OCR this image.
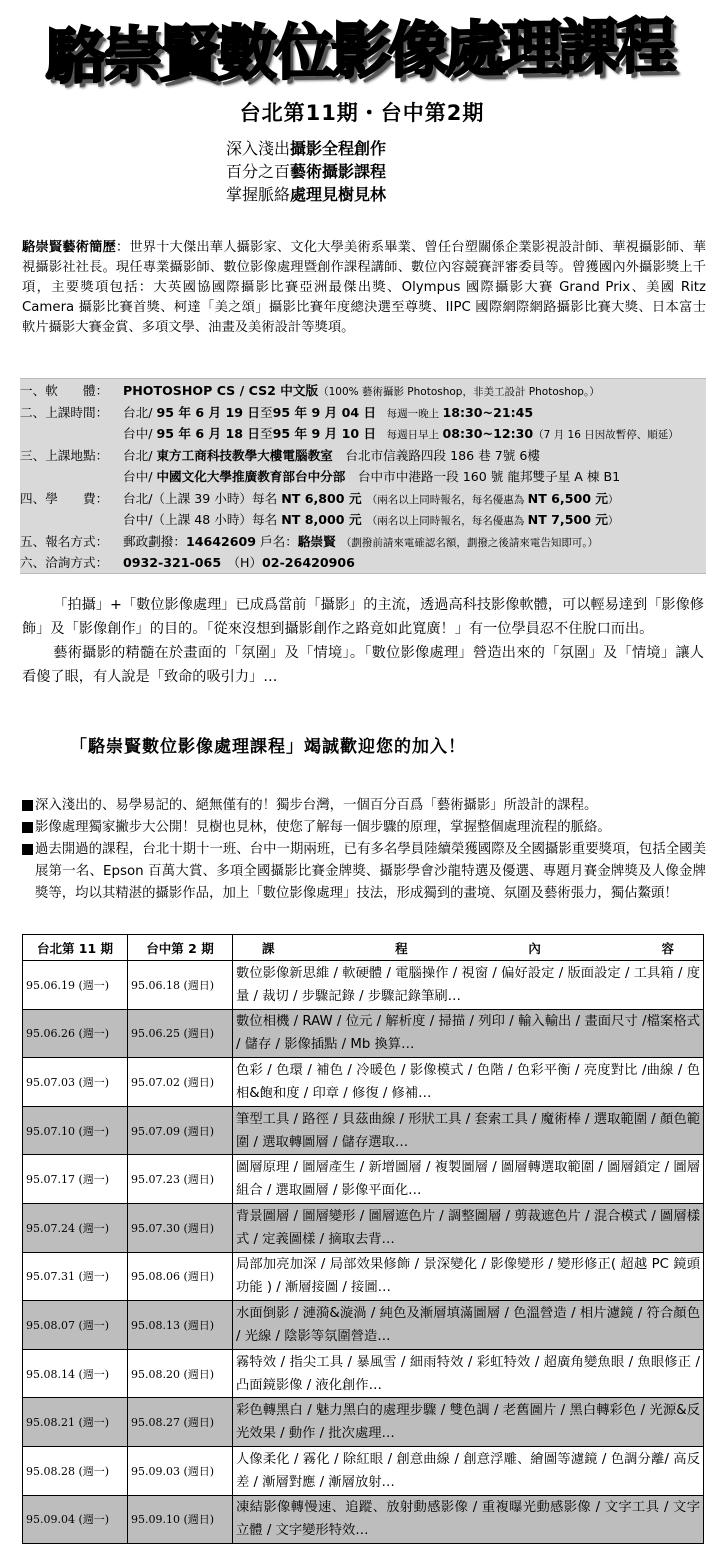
駱崇賢數位影像處理課程
台北第11期・台中第2期
深入淺出攝影全程創作
百分之百藝術攝影課程
掌握脈絡處理見樹見林
駱崇賢藝術簡歷：世界十大傑出華人攝影家、文化大學美術系畢業、曾任台塑關係企業影視設計師、華視攝影師、華視攝影社社長。現任專業攝影師、數位影像處理暨創作課程講師、數位內容競賽評審委員等。曾獲國內外攝影獎上千項，主要獎項包括：大英國協國際攝影比賽亞洲最傑出獎、Olympus 國際攝影大賽 Grand Prix、美國 Ritz Camera 攝影比賽首獎、柯達「美之頌」攝影比賽年度總決選至尊獎、IIPC 國際網際網路攝影比賽大獎、日本富士軟片攝影大賽金賞、多項文學、油畫及美術設計等獎項。
一、軟　　體：	PHOTOSHOP CS / CS2 中文版（100% 藝術攝影 Photoshop，非美工設計 Photoshop。）
二、上課時間：	台北/ 95 年 6 月 19 日至95 年 9 月 04 日　每週一晚上 18:30~21:45
台中/ 95 年 6 月 18 日至95 年 9 月 10 日　每週日早上 08:30~12:30（7 月 16 日因故暫停、順延）
三、上課地點：	台北/ 東方工商科技教學大樓電腦教室　台北市信義路四段 186 巷 7號 6樓
台中/ 中國文化大學推廣教育部台中分部　台中市中港路一段 160 號 龍邦雙子星 A 棟 B1
四、學　　費：	台北/（上課 39 小時）每名 NT 6,800 元　（兩名以上同時報名，每名優惠為 NT 6,500 元）
台中/（上課 48 小時）每名 NT 8,000 元　（兩名以上同時報名，每名優惠為 NT 7,500 元）
五、報名方式：	郵政劃撥：14642609 戶名：駱崇賢　（劃撥前請來電確認名額，劃撥之後請來電告知即可。）
六、洽詢方式：	0932-321-065　（H）02-26420906

「拍攝」+「數位影像處理」已成爲當前「攝影」的主流，透過高科技影像軟體，可以輕易達到「影像修飾」及「影像創作」的目的。「從來沒想到攝影創作之路竟如此寬廣！」有一位學員忍不住脫口而出。

藝術攝影的精髓在於畫面的「氛圍」及「情境」。「數位影像處理」營造出來的「氛圍」及「情境」讓人看傻了眼，有人說是「致命的吸引力」…

「駱崇賢數位影像處理課程」竭誠歡迎您的加入！
深入淺出的、易學易記的、絕無僅有的！獨步台灣，一個百分百爲「藝術攝影」所設計的課程。
影像處理獨家撇步大公開！見樹也見林，使您了解每一個步驟的原理，掌握整個處理流程的脈絡。
過去開過的課程，台北十期十一班、台中一期兩班，已有多名學員陸續榮獲國際及全國攝影重要獎項，包括全國美展第一名、Epson 百萬大賞、多項全國攝影比賽金牌獎、攝影學會沙龍特選及優選、專題月賽金牌獎及人像金牌獎等，均以其精湛的攝影作品，加上「數位影像處理」技法，形成獨到的畫境、氛圍及藝術張力，獨佔鰲頭！
台北第 11 期	台中第 2 期	課 程 內 容

95.06.19 (週一)	95.06.18 (週日)	數位影像新思維 / 軟硬體 / 電腦操作 / 視窗 / 偏好設定 / 版面設定 / 工具箱 / 度量 / 裁切 / 步驟記錄 / 步驟記錄筆刷…
95.06.26 (週一)	95.06.25 (週日)	數位相機 / RAW / 位元 / 解析度 / 掃描 / 列印 / 輸入輸出 / 畫面尺寸 /檔案格式 / 儲存 / 影像插點 / Mb 換算…
95.07.03 (週一)	95.07.02 (週日)	色彩 / 色環 / 補色 / 冷暖色 / 影像模式 / 色階 / 色彩平衡 / 亮度對比 /曲線 / 色相&飽和度 / 印章 / 修復 / 修補…
95.07.10 (週一)	95.07.09 (週日)	筆型工具 / 路徑 / 貝茲曲線 / 形狀工具 / 套索工具 / 魔術棒 / 選取範圍 / 顏色範圍 / 選取轉圖層 / 儲存選取…
95.07.17 (週一)	95.07.23 (週日)	圖層原理 / 圖層產生 / 新增圖層 / 複製圖層 / 圖層轉選取範圍 / 圖層鎖定 / 圖層組合 / 選取圖層 / 影像平面化…
95.07.24 (週一)	95.07.30 (週日)	背景圖層 / 圖層變形 / 圖層遮色片 / 調整圖層 / 剪裁遮色片 / 混合模式 / 圖層樣式 / 定義圖樣 / 摘取去背…
95.07.31 (週一)	95.08.06 (週日)	局部加亮加深 / 局部效果修飾 / 景深變化 / 影像變形 / 變形修正( 超越 PC 鏡頭功能 ) / 漸層接圖 / 接圖…
95.08.07 (週一)	95.08.13 (週日)	水面倒影 / 漣漪&漩渦 / 純色及漸層填滿圖層 / 色溫營造 / 相片濾鏡 / 符合顏色 / 光線 / 陰影等氛圍營造…
95.08.14 (週一)	95.08.20 (週日)	霧特效 / 指尖工具 / 暴風雪 / 細雨特效 / 彩虹特效 / 超廣角變魚眼 / 魚眼修正 / 凸面鏡影像 / 液化創作…
95.08.21 (週一)	95.08.27 (週日)	彩色轉黑白 / 魅力黑白的處理步驟 / 雙色調 / 老舊圖片 / 黑白轉彩色 / 光源&反光效果 / 動作 / 批次處理…
95.08.28 (週一)	95.09.03 (週日)	人像柔化 / 霧化 / 除紅眼 / 創意曲線 / 創意浮雕、繪圖等濾鏡 / 色調分離/ 高反差 / 漸層對應 / 漸層放射…
95.09.04 (週一)	95.09.10 (週日)	凍結影像轉慢速、追蹤、放射動感影像 / 重複曝光動感影像 / 文字工具 / 文字立體 / 文字變形特效…
